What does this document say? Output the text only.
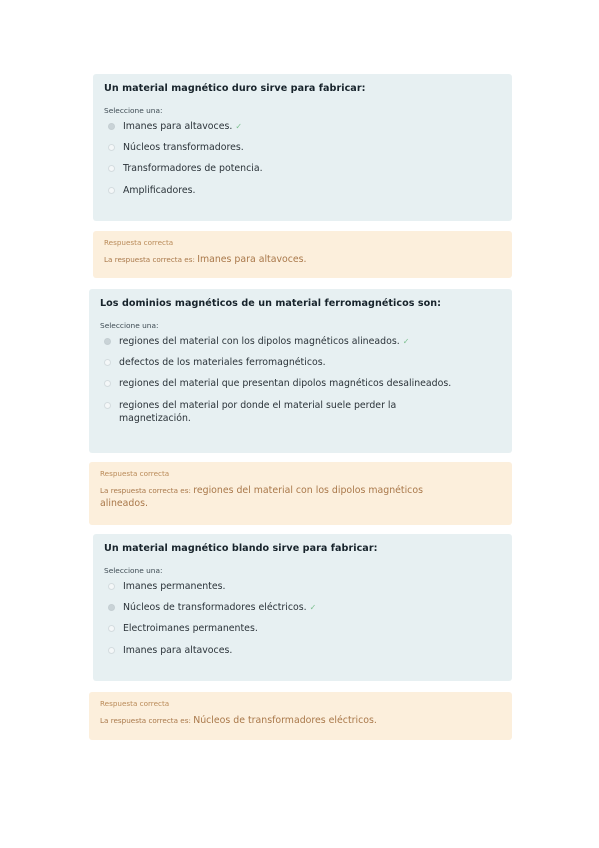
Un material magnético duro sirve para fabricar:
Seleccione una:
Imanes para altavoces. ✓
Núcleos transformadores.
Transformadores de potencia.
Amplificadores.
Respuesta correcta
La respuesta correcta es: Imanes para altavoces.
Los dominios magnéticos de un material ferromagnéticos son:
Seleccione una:
regiones del material con los dipolos magnéticos alineados. ✓
defectos de los materiales ferromagnéticos.
regiones del material que presentan dipolos magnéticos desalineados.
regiones del material por donde el material suele perder la magnetización.
Respuesta correcta
La respuesta correcta es: regiones del material con los dipolos magnéticos alineados.
Un material magnético blando sirve para fabricar:
Seleccione una:
Imanes permanentes.
Núcleos de transformadores eléctricos. ✓
Electroimanes permanentes.
Imanes para altavoces.
Respuesta correcta
La respuesta correcta es: Núcleos de transformadores eléctricos.
